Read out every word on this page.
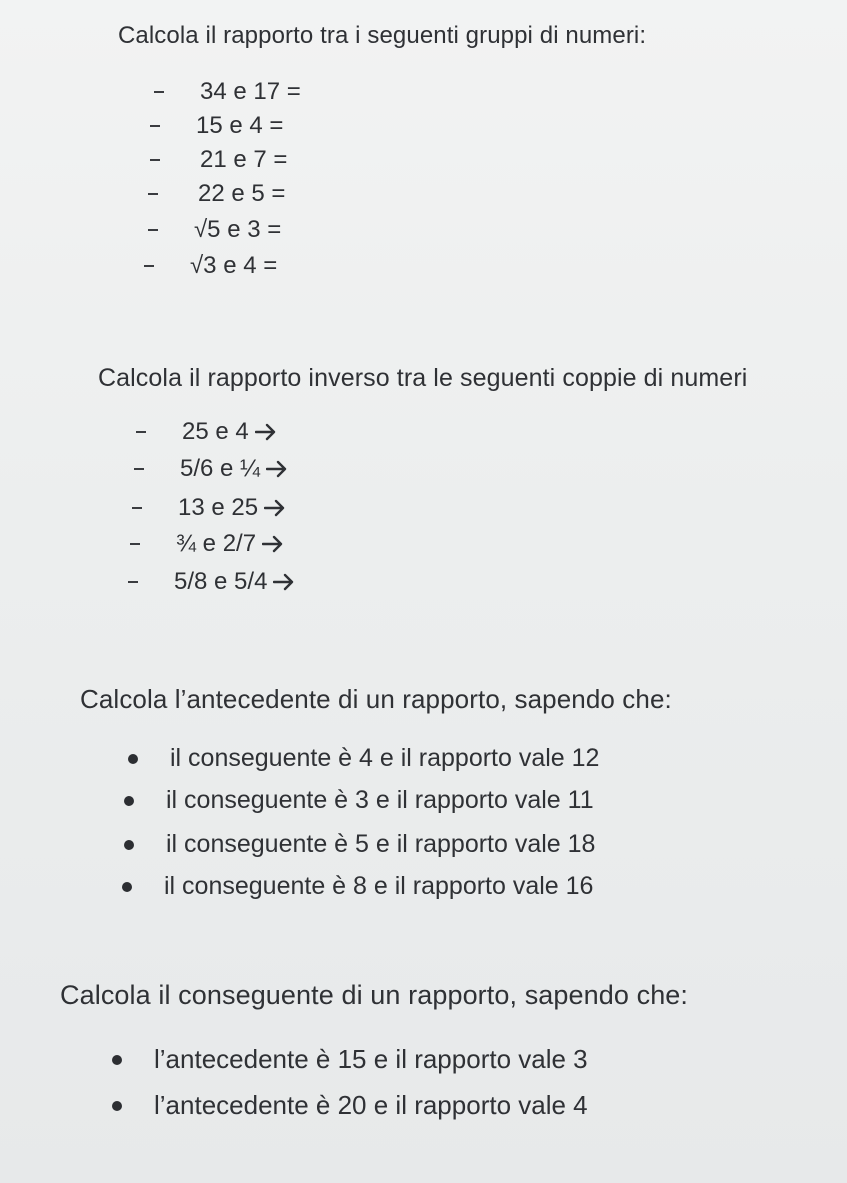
Calcola il rapporto tra i seguenti gruppi di numeri:
34 e 17 =
15 e 4 =
21 e 7 =
22 e 5 =
√5 e 3 =
√3 e 4 =
Calcola il rapporto inverso tra le seguenti coppie di numeri
25 e 4
5/6 e ¼
13 e 25
¾ e 2/7
5/8 e 5/4
Calcola l’antecedente di un rapporto, sapendo che:
il conseguente è 4 e il rapporto vale 12
il conseguente è 3 e il rapporto vale 11
il conseguente è 5 e il rapporto vale 18
il conseguente è 8 e il rapporto vale 16
Calcola il conseguente di un rapporto, sapendo che:
l’antecedente è 15 e il rapporto vale 3
l’antecedente è 20 e il rapporto vale 4
